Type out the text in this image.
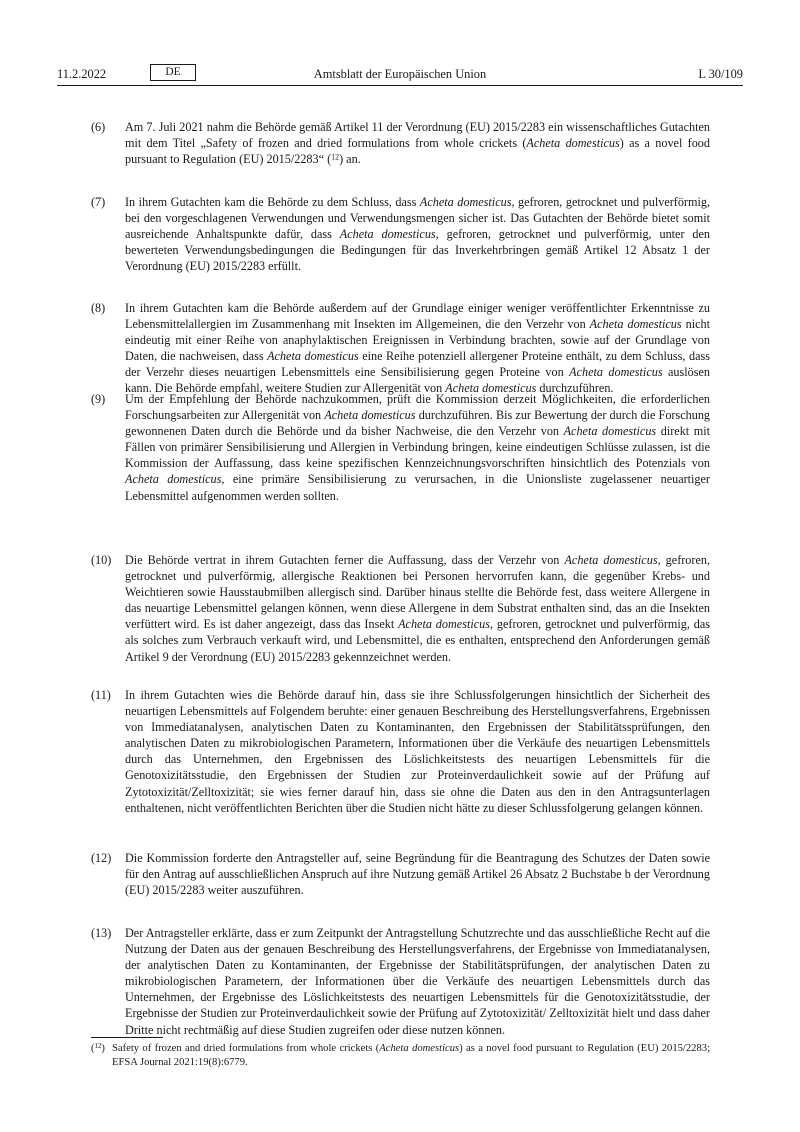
11.2.2022	DE	Amtsblatt der Europäischen Union	L 30/109
(6) Am 7. Juli 2021 nahm die Behörde gemäß Artikel 11 der Verordnung (EU) 2015/2283 ein wissenschaftliches Gutachten mit dem Titel „Safety of frozen and dried formulations from whole crickets (Acheta domesticus) as a novel food pursuant to Regulation (EU) 2015/2283“ ($^{12}$) an.
(7) In ihrem Gutachten kam die Behörde zu dem Schluss, dass Acheta domesticus, gefroren, getrocknet und pulverförmig, bei den vorgeschlagenen Verwendungen und Verwendungsmengen sicher ist. Das Gutachten der Behörde bietet somit ausreichende Anhaltspunkte dafür, dass Acheta domesticus, gefroren, getrocknet und pulverförmig, unter den bewerteten Verwendungsbedingungen die Bedingungen für das Inverkehrbringen gemäß Artikel 12 Absatz 1 der Verordnung (EU) 2015/2283 erfüllt.
(8) In ihrem Gutachten kam die Behörde außerdem auf der Grundlage einiger weniger veröffentlichter Erkenntnisse zu Lebensmittelallergien im Zusammenhang mit Insekten im Allgemeinen, die den Verzehr von Acheta domesticus nicht eindeutig mit einer Reihe von anaphylaktischen Ereignissen in Verbindung brachten, sowie auf der Grundlage von Daten, die nachweisen, dass Acheta domesticus eine Reihe potenziell allergener Proteine enthält, zu dem Schluss, dass der Verzehr dieses neuartigen Lebensmittels eine Sensibilisierung gegen Proteine von Acheta domesticus auslösen kann. Die Behörde empfahl, weitere Studien zur Allergenität von Acheta domesticus durchzuführen.
(9) Um der Empfehlung der Behörde nachzukommen, prüft die Kommission derzeit Möglichkeiten, die erforderlichen Forschungsarbeiten zur Allergenität von Acheta domesticus durchzuführen. Bis zur Bewertung der durch die Forschung gewonnenen Daten durch die Behörde und da bisher Nachweise, die den Verzehr von Acheta domesticus direkt mit Fällen von primärer Sensibilisierung und Allergien in Verbindung bringen, keine eindeutigen Schlüsse zulassen, ist die Kommission der Auffassung, dass keine spezifischen Kennzeichnungsvorschriften hinsichtlich des Potenzials von Acheta domesticus, eine primäre Sensibilisierung zu verursachen, in die Unionsliste zugelassener neuartiger Lebensmittel aufgenommen werden sollten.
(10) Die Behörde vertrat in ihrem Gutachten ferner die Auffassung, dass der Verzehr von Acheta domesticus, gefroren, getrocknet und pulverförmig, allergische Reaktionen bei Personen hervorrufen kann, die gegenüber Krebs- und Weichtieren sowie Hausstaubmilben allergisch sind. Darüber hinaus stellte die Behörde fest, dass weitere Allergene in das neuartige Lebensmittel gelangen können, wenn diese Allergene in dem Substrat enthalten sind, das an die Insekten verfüttert wird. Es ist daher angezeigt, dass das Insekt Acheta domesticus, gefroren, getrocknet und pulverförmig, das als solches zum Verbrauch verkauft wird, und Lebensmittel, die es enthalten, entsprechend den Anforderungen gemäß Artikel 9 der Verordnung (EU) 2015/2283 gekennzeichnet werden.
(11) In ihrem Gutachten wies die Behörde darauf hin, dass sie ihre Schlussfolgerungen hinsichtlich der Sicherheit des neuartigen Lebensmittels auf Folgendem beruhte: einer genauen Beschreibung des Herstellungsverfahrens, Ergebnissen von Immediatanalysen, analytischen Daten zu Kontaminanten, den Ergebnissen der Stabilitätssprüfungen, den analytischen Daten zu mikrobiologischen Parametern, Informationen über die Verkäufe des neuartigen Lebensmittels durch das Unternehmen, den Ergebnissen des Löslichkeitstests des neuartigen Lebensmittels für die Genotoxizitätsstudie, den Ergebnissen der Studien zur Proteinverdaulichkeit sowie auf der Prüfung auf Zytotoxizität/Zelltoxizität; sie wies ferner darauf hin, dass sie ohne die Daten aus den in den Antragsunterlagen enthaltenen, nicht veröffentlichten Berichten über die Studien nicht hätte zu dieser Schlussfolgerung gelangen können.
(12) Die Kommission forderte den Antragsteller auf, seine Begründung für die Beantragung des Schutzes der Daten sowie für den Antrag auf ausschließlichen Anspruch auf ihre Nutzung gemäß Artikel 26 Absatz 2 Buchstabe b der Verordnung (EU) 2015/2283 weiter auszuführen.
(13) Der Antragsteller erklärte, dass er zum Zeitpunkt der Antragstellung Schutzrechte und das ausschließliche Recht auf die Nutzung der Daten aus der genauen Beschreibung des Herstellungsverfahrens, der Ergebnisse von Immediatanalysen, der analytischen Daten zu Kontaminanten, der Ergebnisse der Stabilitätsprüfungen, der analytischen Daten zu mikrobiologischen Parametern, der Informationen über die Verkäufe des neuartigen Lebensmittels durch das Unternehmen, der Ergebnisse des Löslichkeitstests des neuartigen Lebensmittels für die Genotoxizitätsstudie, der Ergebnisse der Studien zur Proteinverdaulichkeit sowie der Prüfung auf Zytotoxizität/ Zelltoxizität hielt und dass daher Dritte nicht rechtmäßig auf diese Studien zugreifen oder diese nutzen können.
($^{12}$) Safety of frozen and dried formulations from whole crickets (Acheta domesticus) as a novel food pursuant to Regulation (EU) 2015/2283; EFSA Journal 2021:19(8):6779.
